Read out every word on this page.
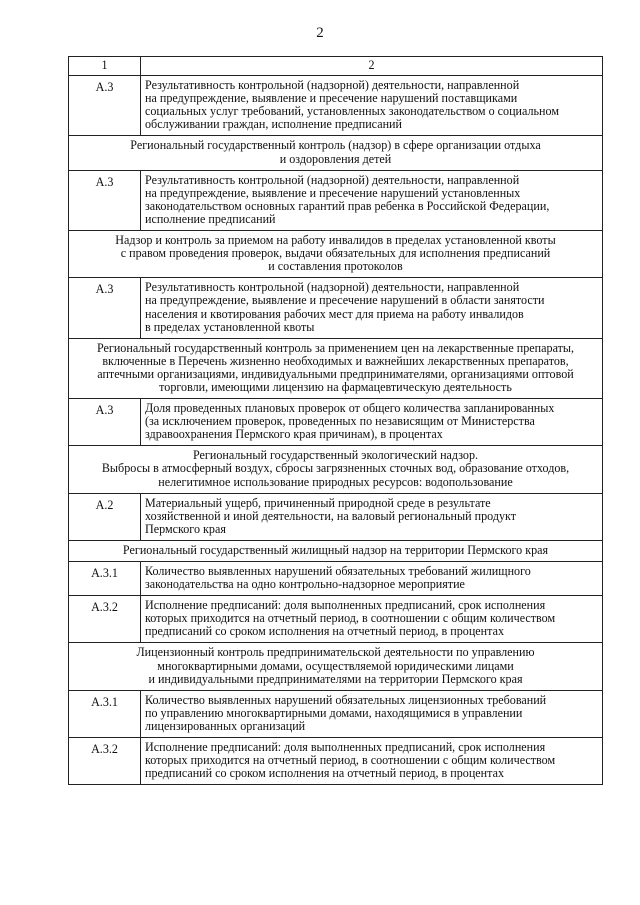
2
1	2
А.3	Результативность контрольной (надзорной) деятельности, направленной
на предупреждение, выявление и пресечение нарушений поставщиками
социальных услуг требований, установленных законодательством о социальном
обслуживании граждан, исполнение предписаний
Региональный государственный контроль (надзор) в сфере организации отдыха
и оздоровления детей	
А.3	Результативность контрольной (надзорной) деятельности, направленной
на предупреждение, выявление и пресечение нарушений установленных
законодательством основных гарантий прав ребенка в Российской Федерации,
исполнение предписаний
Надзор и контроль за приемом на работу инвалидов в пределах установленной квоты
с правом проведения проверок, выдачи обязательных для исполнения предписаний
и составления протоколов	
А.3	Результативность контрольной (надзорной) деятельности, направленной
на предупреждение, выявление и пресечение нарушений в области занятости
населения и квотирования рабочих мест для приема на работу инвалидов
в пределах установленной квоты
Региональный государственный контроль за применением цен на лекарственные препараты,
включенные в Перечень жизненно необходимых и важнейших лекарственных препаратов,
аптечными организациями, индивидуальными предпринимателями, организациями оптовой
торговли, имеющими лицензию на фармацевтическую деятельность	
А.3	Доля проведенных плановых проверок от общего количества запланированных
(за исключением проверок, проведенных по независящим от Министерства
здравоохранения Пермского края причинам), в процентах
Региональный государственный экологический надзор.
Выбросы в атмосферный воздух, сбросы загрязненных сточных вод, образование отходов,
нелегитимное использование природных ресурсов: водопользование	
А.2	Материальный ущерб, причиненный природной среде в результате
хозяйственной и иной деятельности, на валовый региональный продукт
Пермского края
Региональный государственный жилищный надзор на территории Пермского края	
А.3.1	Количество выявленных нарушений обязательных требований жилищного
законодательства на одно контрольно-надзорное мероприятие
А.3.2	Исполнение предписаний: доля выполненных предписаний, срок исполнения
которых приходится на отчетный период, в соотношении с общим количеством
предписаний со сроком исполнения на отчетный период, в процентах
Лицензионный контроль предпринимательской деятельности по управлению
многоквартирными домами, осуществляемой юридическими лицами
и индивидуальными предпринимателями на территории Пермского края	
А.3.1	Количество выявленных нарушений обязательных лицензионных требований
по управлению многоквартирными домами, находящимися в управлении
лицензированных организаций
А.3.2	Исполнение предписаний: доля выполненных предписаний, срок исполнения
которых приходится на отчетный период, в соотношении с общим количеством
предписаний со сроком исполнения на отчетный период, в процентах
